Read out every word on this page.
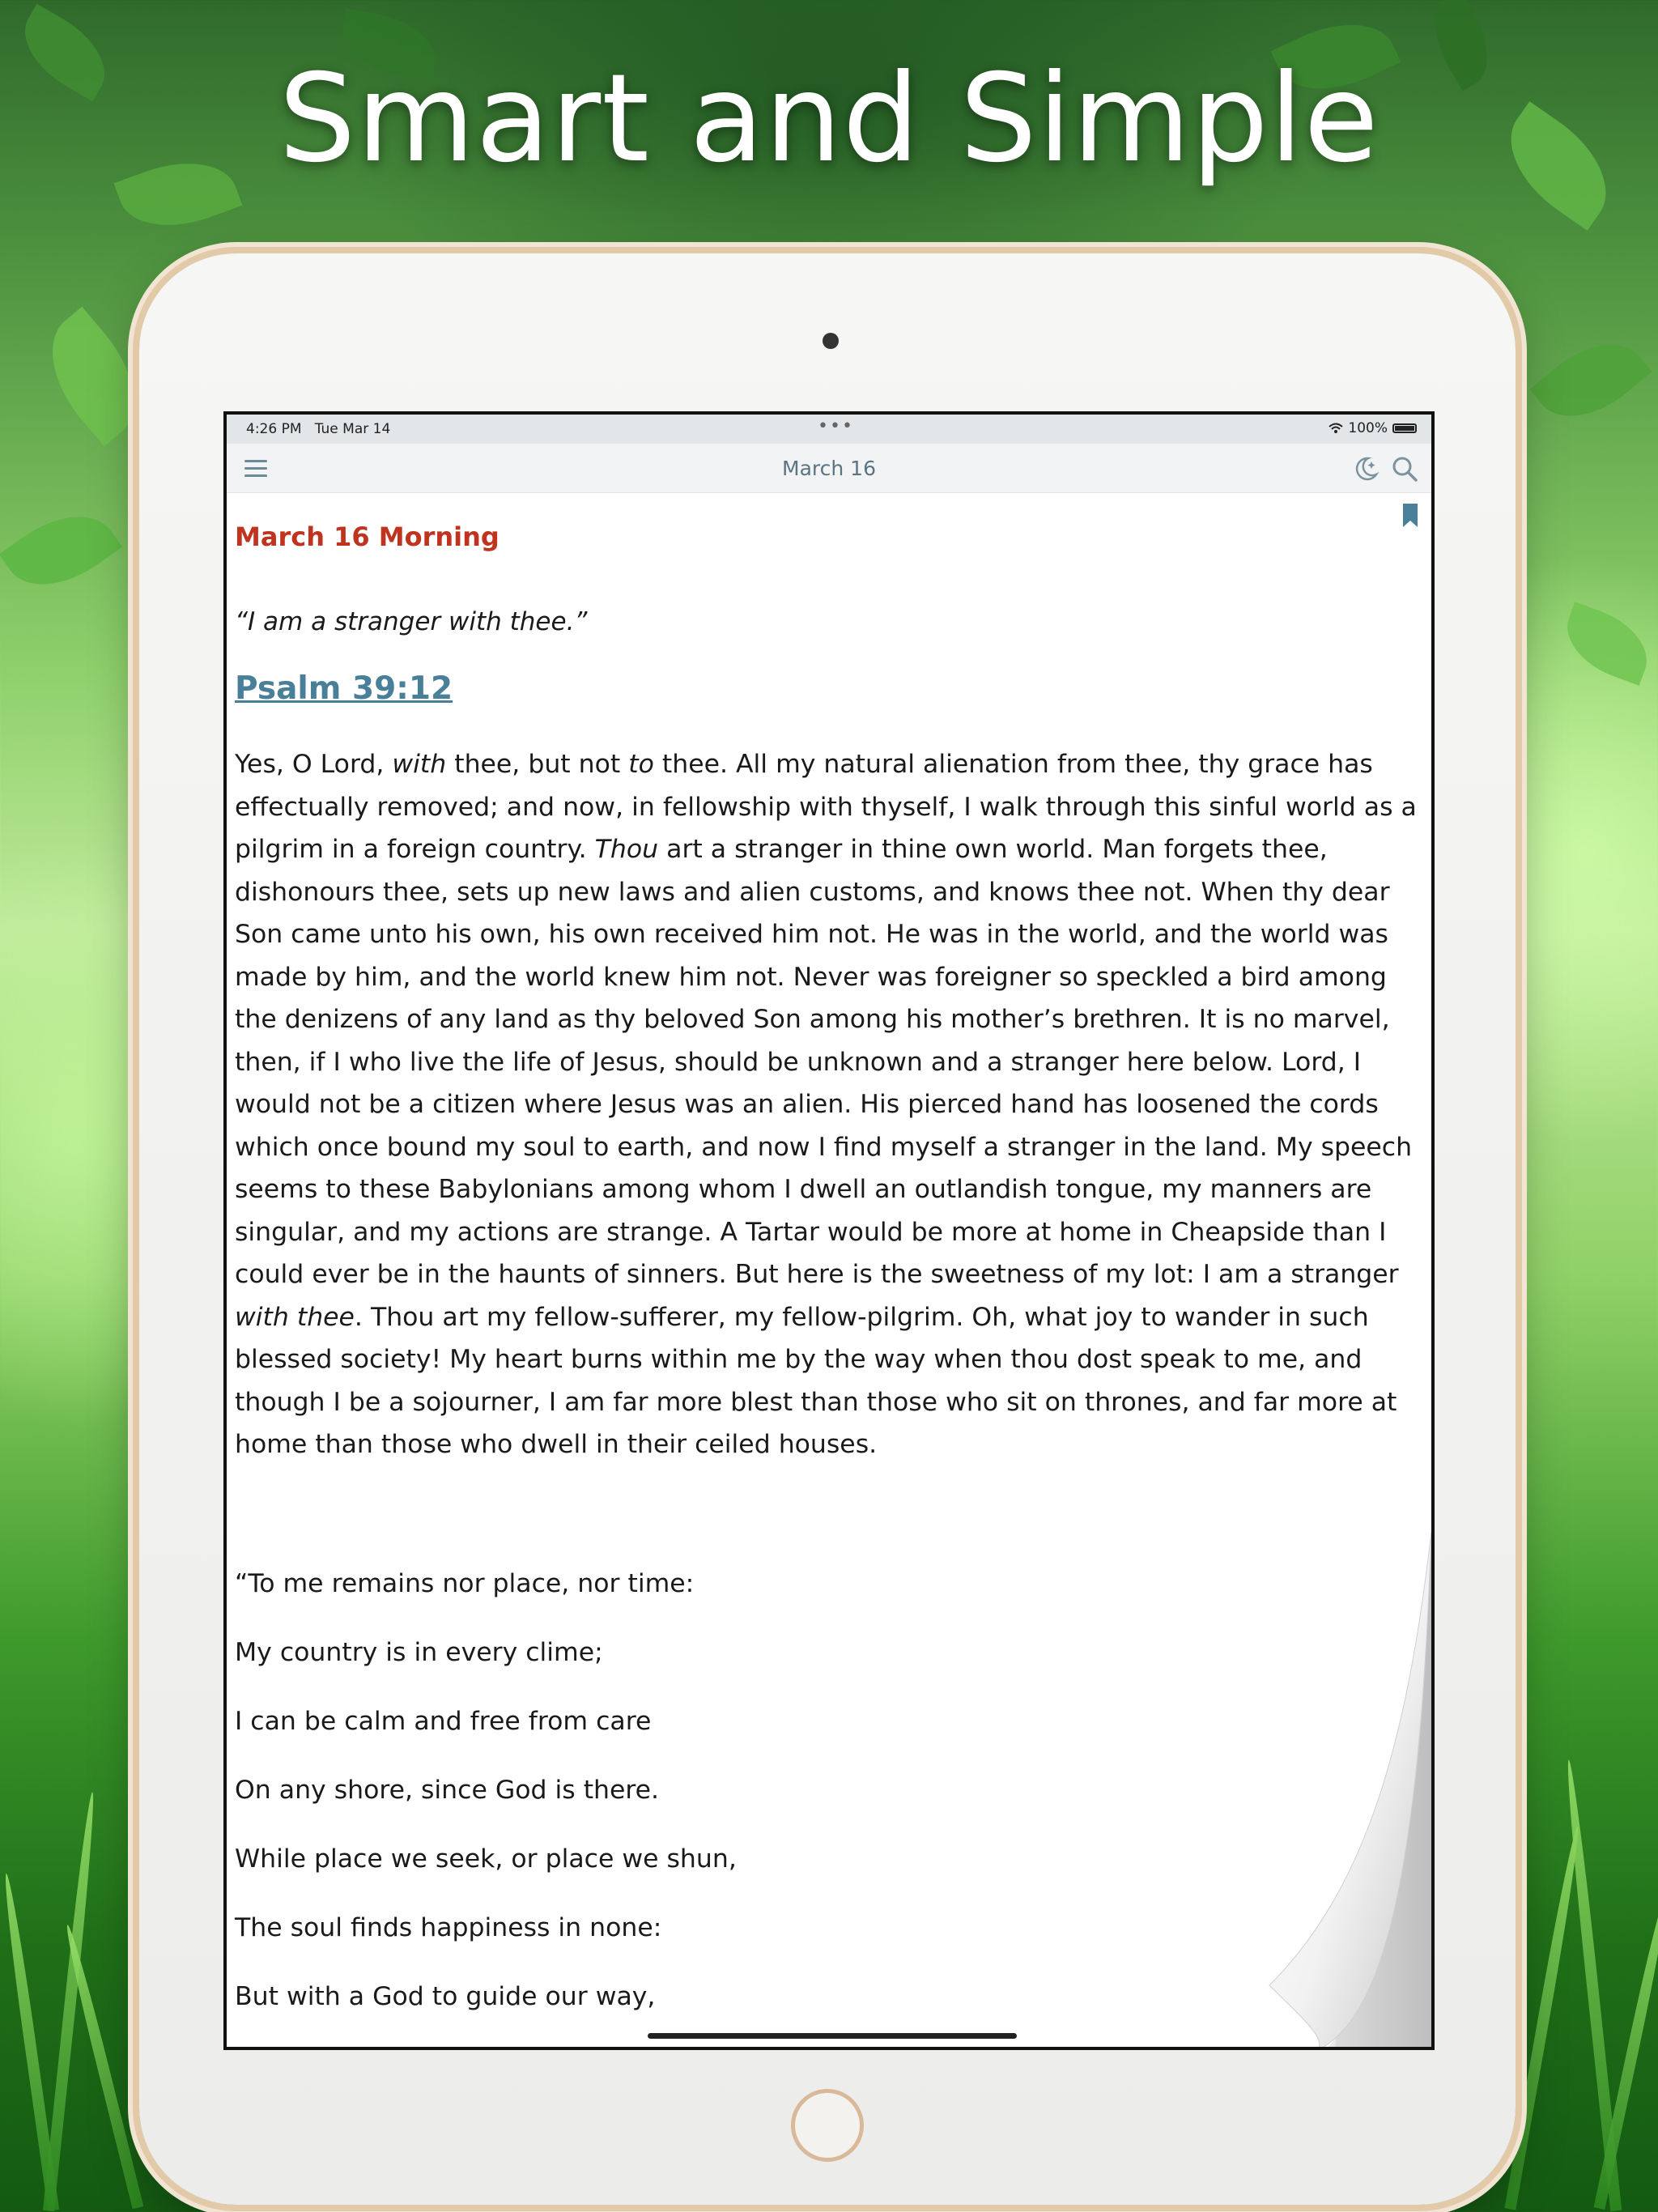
Smart and Simple
4:26 PM Tue Mar 14	•••	100%
March 16
March 16 Morning
“I am a stranger with thee.”
Psalm 39:12

Yes, O Lord, with thee, but not to thee. All my natural alienation from thee, thy grace has effectually removed; and now, in fellowship with thyself, I walk through this sinful world as a pilgrim in a foreign country. Thou art a stranger in thine own world. Man forgets thee, dishonours thee, sets up new laws and alien customs, and knows thee not. When thy dear Son came unto his own, his own received him not. He was in the world, and the world was made by him, and the world knew him not. Never was foreigner so speckled a bird among the denizens of any land as thy beloved Son among his mother’s brethren. It is no marvel, then, if I who live the life of Jesus, should be unknown and a stranger here below. Lord, I would not be a citizen where Jesus was an alien. His pierced hand has loosened the cords which once bound my soul to earth, and now I find myself a stranger in the land. My speech seems to these Babylonians among whom I dwell an outlandish tongue, my manners are singular, and my actions are strange. A Tartar would be more at home in Cheapside than I could ever be in the haunts of sinners. But here is the sweetness of my lot: I am a stranger with thee. Thou art my fellow-sufferer, my fellow-pilgrim. Oh, what joy to wander in such blessed society! My heart burns within me by the way when thou dost speak to me, and though I be a sojourner, I am far more blest than those who sit on thrones, and far more at home than those who dwell in their ceiled houses.

“To me remains nor place, nor time:
My country is in every clime;
I can be calm and free from care
On any shore, since God is there.
While place we seek, or place we shun,
The soul finds happiness in none:
But with a God to guide our way,
